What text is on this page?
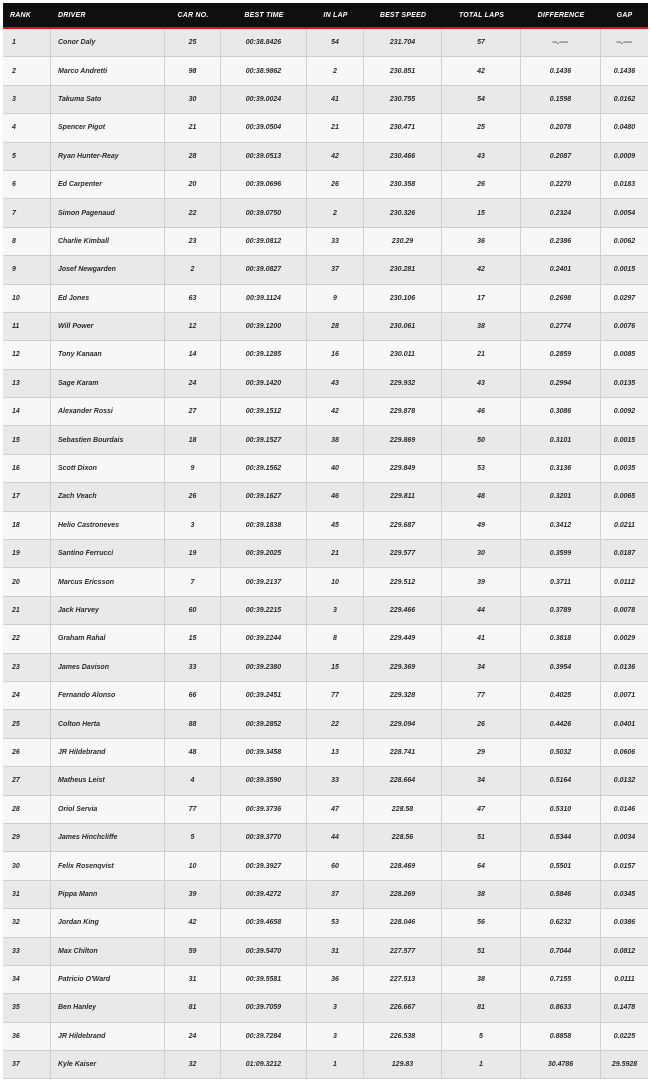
RANK	DRIVER	CAR NO.	BEST TIME	IN LAP	BEST SPEED	TOTAL LAPS	DIFFERENCE	GAP
1	Conor Daly	25	00:38.8426	54	231.704	57	--.----	--.----
2	Marco Andretti	98	00:38.9862	2	230.851	42	0.1436	0.1436
3	Takuma Sato	30	00:39.0024	41	230.755	54	0.1598	0.0162
4	Spencer Pigot	21	00:39.0504	21	230.471	25	0.2078	0.0480
5	Ryan Hunter-Reay	28	00:39.0513	42	230.466	43	0.2087	0.0009
6	Ed Carpenter	20	00:39.0696	26	230.358	26	0.2270	0.0183
7	Simon Pagenaud	22	00:39.0750	2	230.326	15	0.2324	0.0054
8	Charlie Kimball	23	00:39.0812	33	230.29	36	0.2386	0.0062
9	Josef Newgarden	2	00:39.0827	37	230.281	42	0.2401	0.0015
10	Ed Jones	63	00:39.1124	9	230.106	17	0.2698	0.0297
11	Will Power	12	00:39.1200	28	230.061	38	0.2774	0.0076
12	Tony Kanaan	14	00:39.1285	16	230.011	21	0.2859	0.0085
13	Sage Karam	24	00:39.1420	43	229.932	43	0.2994	0.0135
14	Alexander Rossi	27	00:39.1512	42	229.878	46	0.3086	0.0092
15	Sebastien Bourdais	18	00:39.1527	38	229.869	50	0.3101	0.0015
16	Scott Dixon	9	00:39.1562	40	229.849	53	0.3136	0.0035
17	Zach Veach	26	00:39.1627	46	229.811	48	0.3201	0.0065
18	Helio Castroneves	3	00:39.1838	45	229.687	49	0.3412	0.0211
19	Santino Ferrucci	19	00:39.2025	21	229.577	30	0.3599	0.0187
20	Marcus Ericsson	7	00:39.2137	10	229.512	39	0.3711	0.0112
21	Jack Harvey	60	00:39.2215	3	229.466	44	0.3789	0.0078
22	Graham Rahal	15	00:39.2244	8	229.449	41	0.3818	0.0029
23	James Davison	33	00:39.2380	15	229.369	34	0.3954	0.0136
24	Fernando Alonso	66	00:39.2451	77	229.328	77	0.4025	0.0071
25	Colton Herta	88	00:39.2852	22	229.094	26	0.4426	0.0401
26	JR Hildebrand	48	00:39.3458	13	228.741	29	0.5032	0.0606
27	Matheus Leist	4	00:39.3590	33	228.664	34	0.5164	0.0132
28	Oriol Servia	77	00:39.3736	47	228.58	47	0.5310	0.0146
29	James Hinchcliffe	5	00:39.3770	44	228.56	51	0.5344	0.0034
30	Felix Rosenqvist	10	00:39.3927	60	228.469	64	0.5501	0.0157
31	Pippa Mann	39	00:39.4272	37	228.269	38	0.5846	0.0345
32	Jordan King	42	00:39.4658	53	228.046	56	0.6232	0.0386
33	Max Chilton	59	00:39.5470	31	227.577	51	0.7044	0.0812
34	Patricio O'Ward	31	00:39.5581	36	227.513	38	0.7155	0.0111
35	Ben Hanley	81	00:39.7059	3	226.667	81	0.8633	0.1478
36	JR Hildebrand	24	00:39.7284	3	226.538	5	0.8858	0.0225
37	Kyle Kaiser	32	01:09.3212	1	129.83	1	30.4786	29.5928
